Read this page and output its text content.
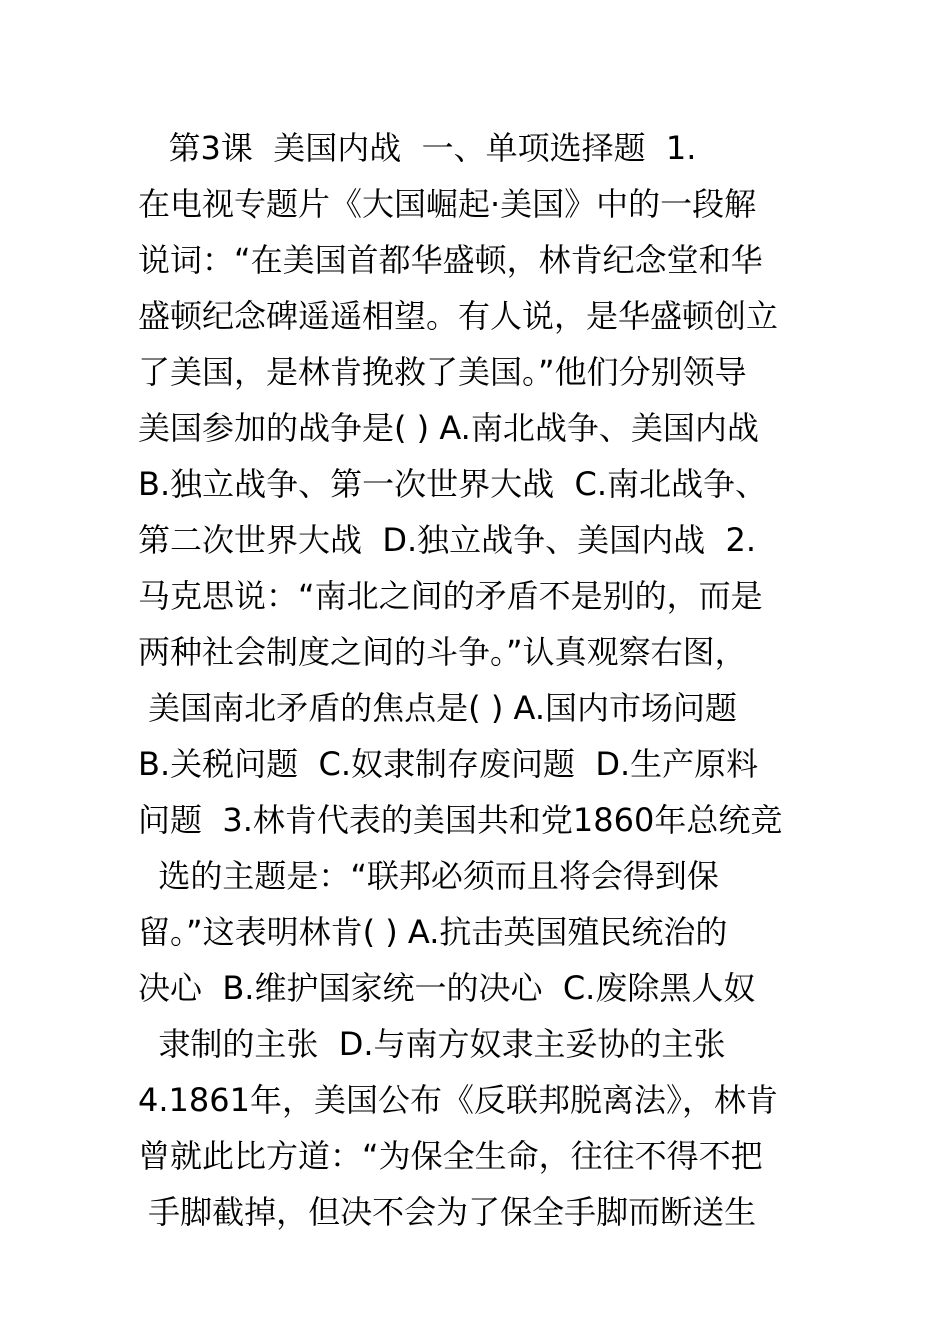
第3课  美国内战  一、单项选择题  1.
在电视专题片《大国崛起·美国》中的一段解
说词：“在美国首都华盛顿，林肯纪念堂和华
盛顿纪念碑遥遥相望。有人说，是华盛顿创立
了美国，是林肯挽救了美国。”他们分别领导
美国参加的战争是( ) A.南北战争、美国内战
B.独立战争、第一次世界大战  C.南北战争、
第二次世界大战  D.独立战争、美国内战  2.
马克思说：“南北之间的矛盾不是别的，而是
两种社会制度之间的斗争。”认真观察右图，
美国南北矛盾的焦点是( ) A.国内市场问题
B.关税问题  C.奴隶制存废问题  D.生产原料
问题  3.林肯代表的美国共和党1860年总统竞
选的主题是：“联邦必须而且将会得到保
留。”这表明林肯( ) A.抗击英国殖民统治的
决心  B.维护国家统一的决心  C.废除黑人奴
隶制的主张  D.与南方奴隶主妥协的主张
4.1861年，美国公布《反联邦脱离法》，林肯
曾就此比方道：“为保全生命，往往不得不把
手脚截掉，但决不会为了保全手脚而断送生
